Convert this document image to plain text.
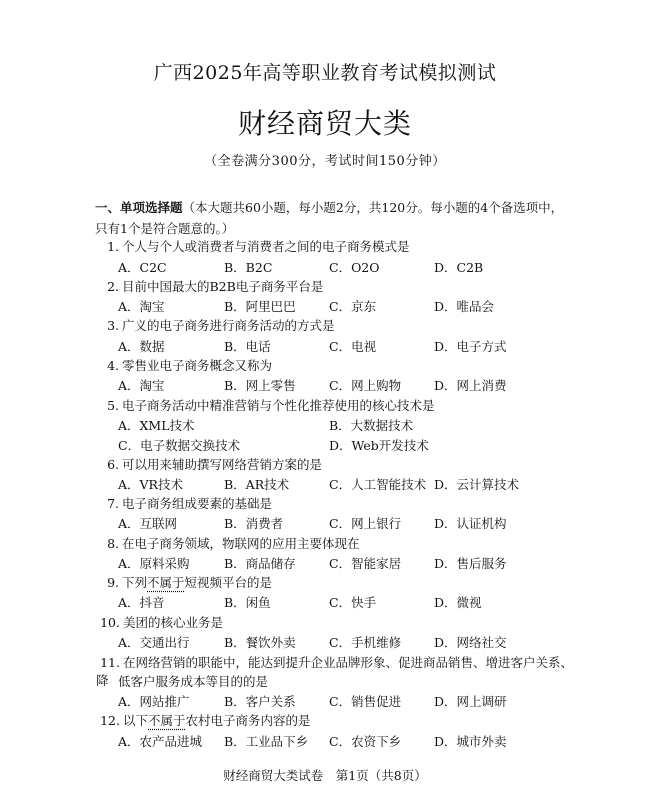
广西2025年高等职业教育考试模拟测试
财经商贸大类
（全卷满分300分，考试时间150分钟）
一、单项选择题（本大题共60小题，每小题2分，共120分。每小题的4个备选项中，只有1个是符合题意的。）
1. 个人与个人或消费者与消费者之间的电子商务模式是
A．C2C	B．B2C	C．O2O	D．C2B
2. 目前中国最大的B2B电子商务平台是
A．淘宝	B．阿里巴巴	C．京东	D．唯品会
3. 广义的电子商务进行商务活动的方式是
A．数据	B．电话	C．电视	D．电子方式
4. 零售业电子商务概念又称为
A．淘宝	B．网上零售	C．网上购物	D．网上消费
5. 电子商务活动中精准营销与个性化推荐使用的核心技术是
A．XML技术	B．大数据技术
C．电子数据交换技术	D．Web开发技术
6. 可以用来辅助撰写网络营销方案的是
A．VR技术	B．AR技术	C．人工智能技术 D．云计算技术
7. 电子商务组成要素的基础是
A．互联网	B．消费者	C．网上银行	D．认证机构
8. 在电子商务领域，物联网的应用主要体现在
A．原料采购	B．商品储存	C．智能家居	D．售后服务
9. 下列不属于短视频平台的是
A．抖音	B．闲鱼	C．快手	D．微视
10. 美团的核心业务是
A．交通出行	B．餐饮外卖	C．手机维修	D．网络社交
11. 在网络营销的职能中，能达到提升企业品牌形象、促进商品销售、增进客户关系、降 低客户服务成本等目的的是
A．网站推广	B．客户关系	C．销售促进	D．网上调研
12. 以下不属于农村电子商务内容的是
A．农产品进城 B．工业品下乡 C．农资下乡	D．城市外卖
财经商贸大类试卷　第1页（共8页）
